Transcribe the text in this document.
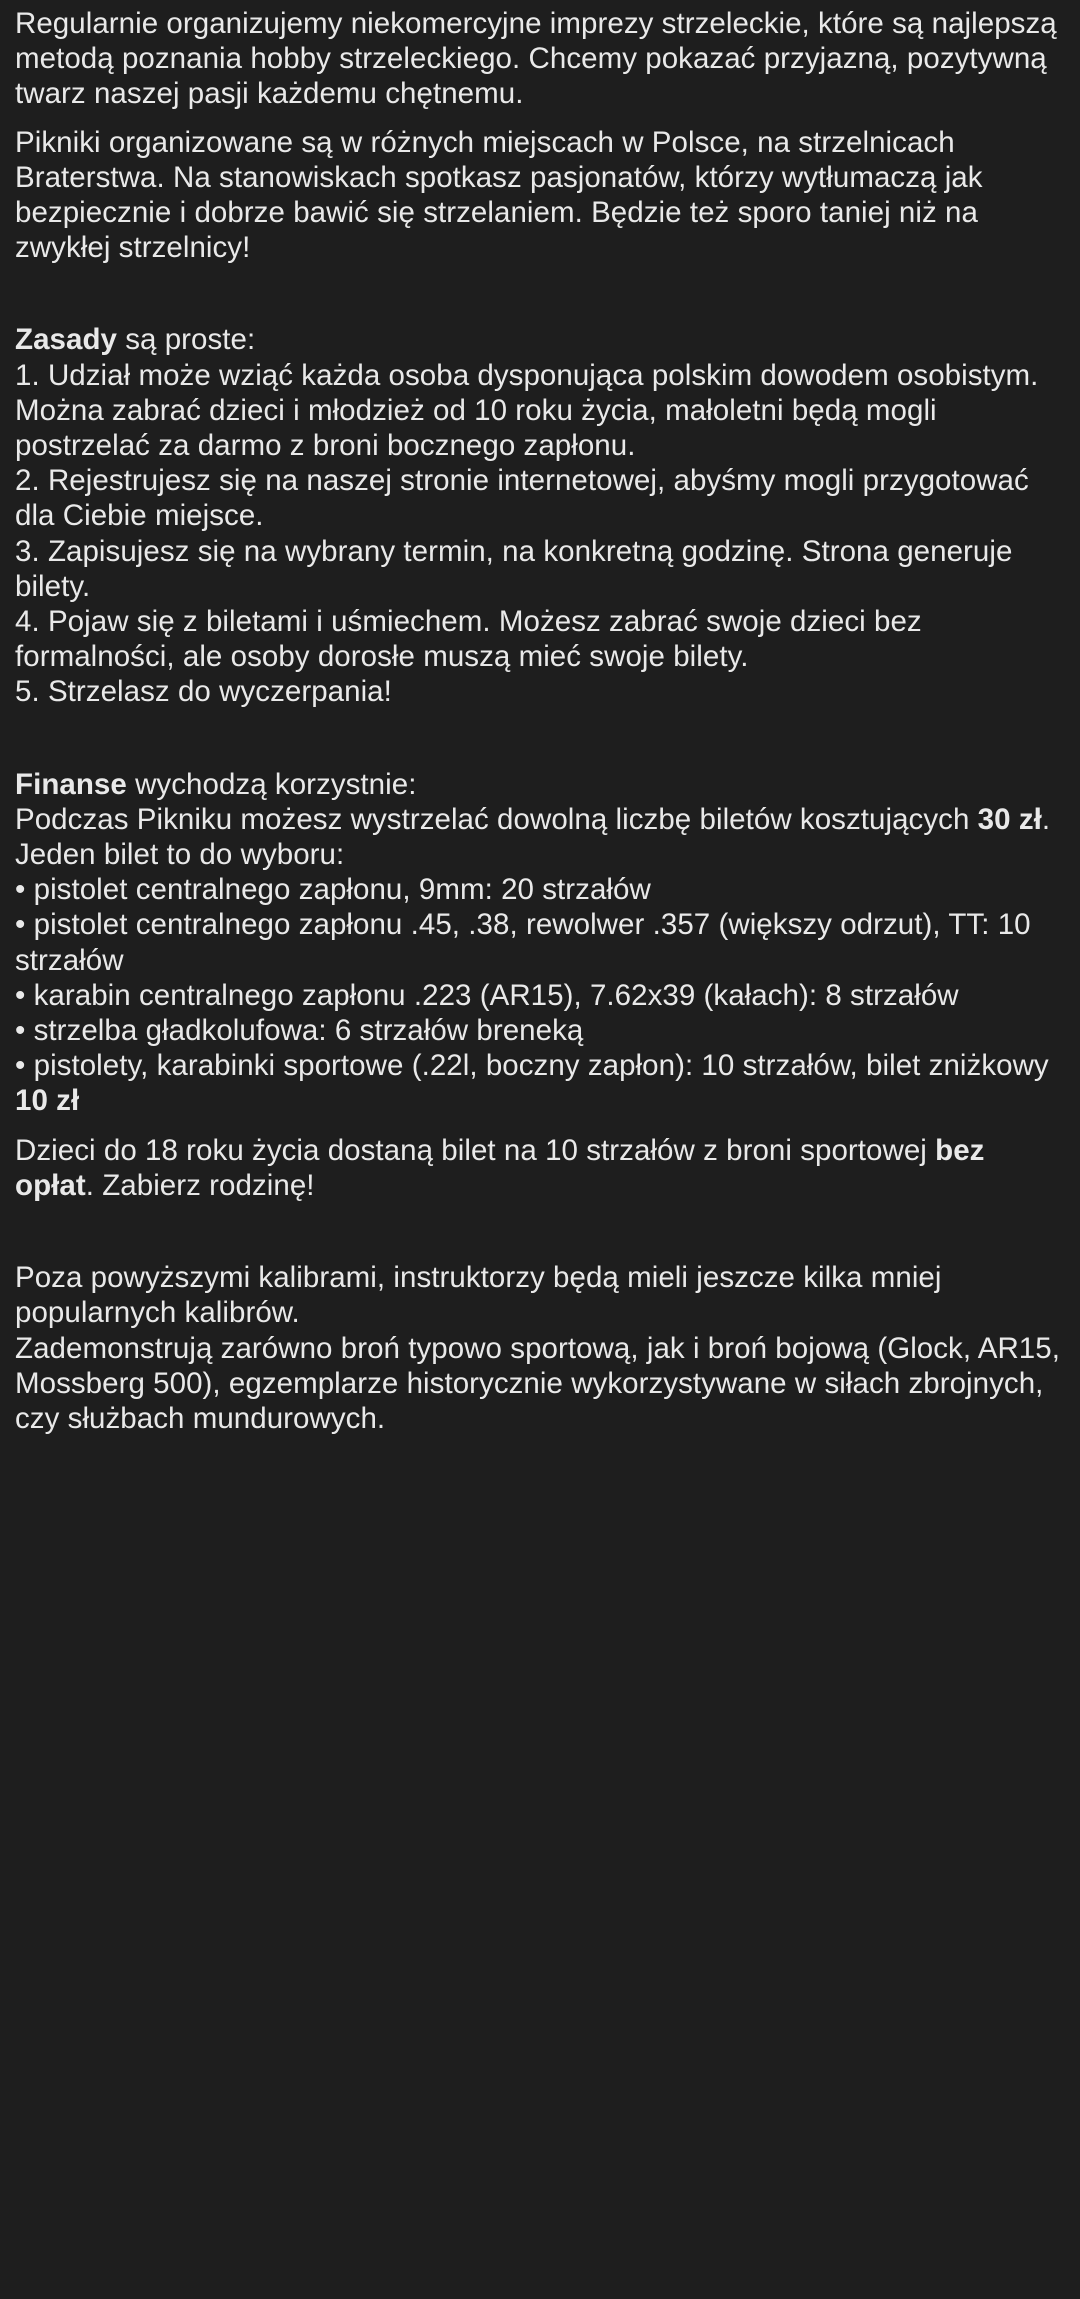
Regularnie organizujemy niekomercyjne imprezy strzeleckie, które są najlepszą metodą poznania hobby strzeleckiego. Chcemy pokazać przyjazną, pozytywną twarz naszej pasji każdemu chętnemu.

Pikniki organizowane są w różnych miejscach w Polsce, na strzelnicach Braterstwa. Na stanowiskach spotkasz pasjonatów, którzy wytłumaczą jak bezpiecznie i dobrze bawić się strzelaniem. Będzie też sporo taniej niż na zwykłej strzelnicy!

Zasady są proste:

1. Udział może wziąć każda osoba dysponująca polskim dowodem osobistym. Można zabrać dzieci i młodzież od 10 roku życia, małoletni będą mogli postrzelać za darmo z broni bocznego zapłonu.

2. Rejestrujesz się na naszej stronie internetowej, abyśmy mogli przygotować dla Ciebie miejsce.

3. Zapisujesz się na wybrany termin, na konkretną godzinę. Strona generuje bilety.

4. Pojaw się z biletami i uśmiechem. Możesz zabrać swoje dzieci bez formalności, ale osoby dorosłe muszą mieć swoje bilety.

5. Strzelasz do wyczerpania!

Finanse wychodzą korzystnie:

Podczas Pikniku możesz wystrzelać dowolną liczbę biletów kosztujących 30 zł. Jeden bilet to do wyboru:

• pistolet centralnego zapłonu, 9mm: 20 strzałów

• pistolet centralnego zapłonu .45, .38, rewolwer .357 (większy odrzut), TT: 10 strzałów

• karabin centralnego zapłonu .223 (AR15), 7.62x39 (kałach): 8 strzałów

• strzelba gładkolufowa: 6 strzałów breneką

• pistolety, karabinki sportowe (.22l, boczny zapłon): 10 strzałów, bilet zniżkowy 10 zł

Dzieci do 18 roku życia dostaną bilet na 10 strzałów z broni sportowej bez opłat. Zabierz rodzinę!

Poza powyższymi kalibrami, instruktorzy będą mieli jeszcze kilka mniej popularnych kalibrów.

Zademonstrują zarówno broń typowo sportową, jak i broń bojową (Glock, AR15, Mossberg 500), egzemplarze historycznie wykorzystywane w siłach zbrojnych, czy służbach mundurowych.
